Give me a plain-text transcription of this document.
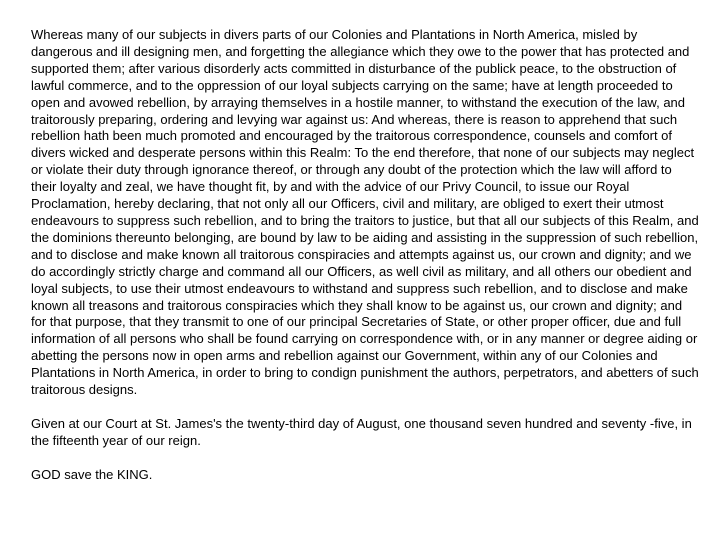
Whereas many of our subjects in divers parts of our Colonies and Plantations in North America, misled by dangerous and ill designing men, and forgetting the allegiance which they owe to the power that has protected and supported them; after various disorderly acts committed in disturbance of the publick peace, to the obstruction of lawful commerce, and to the oppression of our loyal subjects carrying on the same; have at length proceeded to open and avowed rebellion, by arraying themselves in a hostile manner, to withstand the execution of the law, and traitorously preparing, ordering and levying war against us: And whereas, there is reason to apprehend that such rebellion hath been much promoted and encouraged by the traitorous correspondence, counsels and comfort of divers wicked and desperate persons within this Realm: To the end therefore, that none of our subjects may neglect or violate their duty through ignorance thereof, or through any doubt of the protection which the law will afford to their loyalty and zeal, we have thought fit, by and with the advice of our Privy Council, to issue our Royal Proclamation, hereby declaring, that not only all our Officers, civil and military, are obliged to exert their utmost endeavours to suppress such rebellion, and to bring the traitors to justice, but that all our subjects of this Realm, and the dominions thereunto belonging, are bound by law to be aiding and assisting in the suppression of such rebellion, and to disclose and make known all traitorous conspiracies and attempts against us, our crown and dignity; and we do accordingly strictly charge and command all our Officers, as well civil as military, and all others our obedient and loyal subjects, to use their utmost endeavours to withstand and suppress such rebellion, and to disclose and make known all treasons and traitorous conspiracies which they shall know to be against us, our crown and dignity; and for that purpose, that they transmit to one of our principal Secretaries of State, or other proper officer, due and full information of all persons who shall be found carrying on correspondence with, or in any manner or degree aiding or abetting the persons now in open arms and rebellion against our Government, within any of our Colonies and Plantations in North America, in order to bring to condign punishment the authors, perpetrators, and abetters of such traitorous designs.

Given at our Court at St. James's the twenty-third day of August, one thousand seven hundred and seventy -five, in the fifteenth year of our reign.

GOD save the KING.
